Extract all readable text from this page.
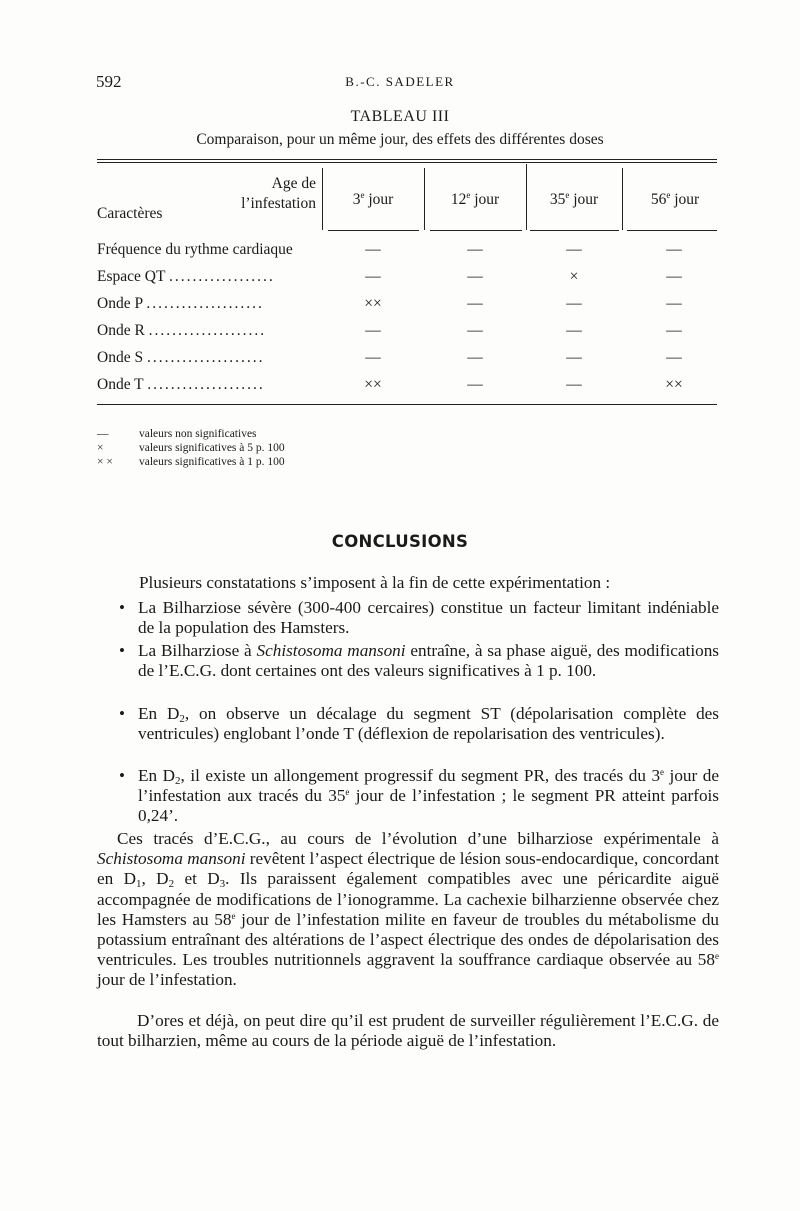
592	B.-C. SADELER
TABLEAU III
Comparaison, pour un même jour, des effets des différentes doses
Age de
l’infestation
Caractères
3e jour	12e jour	35e jour	56e jour
Fréquence du rythme cardiaque	—	—	—	—
Espace QT ..................	—	—	×	—
Onde P ....................	××	—	—	—
Onde R ....................	—	—	—	—
Onde S ....................	—	—	—	—
Onde T ....................	××	—	—	××
—	valeurs non significatives
×	valeurs significatives à 5 p. 100
× × valeurs significatives à 1 p. 100
CONCLUSIONS
Plusieurs constatations s’imposent à la fin de cette expérimentation :
• La Bilharziose sévère (300-400 cercaires) constitue un facteur limitant indéniable de la population des Hamsters.
• La Bilharziose à Schistosoma mansoni entraîne, à sa phase aiguë, des modifications de l’E.C.G. dont certaines ont des valeurs significatives à 1 p. 100.
• En $D_2$, on observe un décalage du segment ST (dépolarisation complète des ventricules) englobant l’onde T (déflexion de repolarisation des ventricules).
• En $D_2$, il existe un allongement progressif du segment PR, des tracés du 3e jour de l’infestation aux tracés du 35e jour de l’infestation ; le segment PR atteint parfois 0,24’.
Ces tracés d’E.C.G., au cours de l’évolution d’une bilharziose expérimentale à Schistosoma mansoni revêtent l’aspect électrique de lésion sous-endocardique, concordant en $D_1$, $D_2$ et $D_3$. Ils paraissent également compatibles avec une péricardite aiguë accompagnée de modifications de l’ionogramme. La cachexie bilharzienne observée chez les Hamsters au 58e jour de l’infestation milite en faveur de troubles du métabolisme du potassium entraînant des altérations de l’aspect électrique des ondes de dépolarisation des ventricules. Les troubles nutritionnels aggravent la souffrance cardiaque observée au 58e jour de l’infestation.
D’ores et déjà, on peut dire qu’il est prudent de surveiller régulièrement l’E.C.G. de tout bilharzien, même au cours de la période aiguë de l’infestation.
